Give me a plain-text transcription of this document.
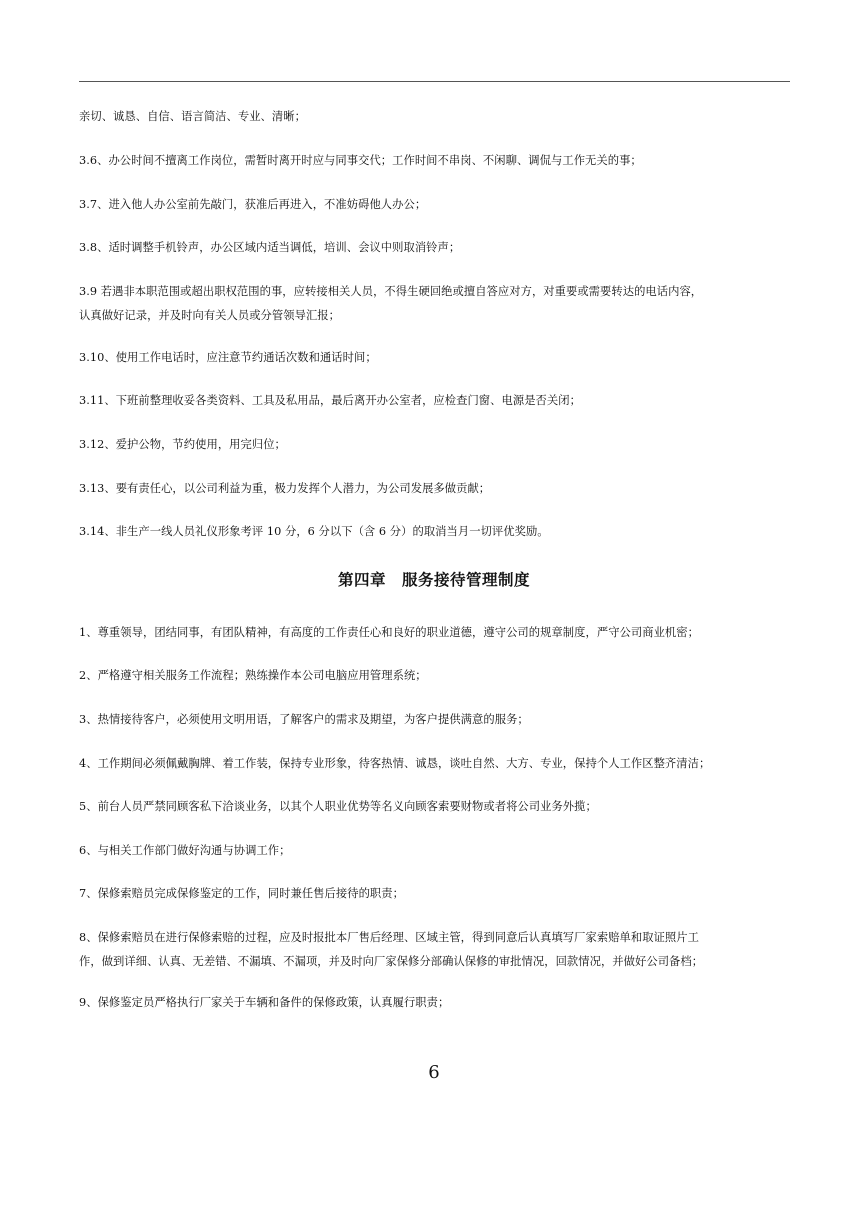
亲切、诚恳、自信、语言简洁、专业、清晰；
3.6、办公时间不擅离工作岗位，需暂时离开时应与同事交代；工作时间不串岗、不闲聊、调侃与工作无关的事；
3.7、进入他人办公室前先敲门，获准后再进入，不准妨碍他人办公；
3.8、适时调整手机铃声，办公区域内适当调低，培训、会议中则取消铃声；
3.9 若遇非本职范围或超出职权范围的事，应转接相关人员，不得生硬回绝或擅自答应对方，对重要或需要转达的电话内容，
认真做好记录，并及时向有关人员或分管领导汇报；
3.10、使用工作电话时，应注意节约通话次数和通话时间；
3.11、下班前整理收妥各类资料、工具及私用品，最后离开办公室者，应检查门窗、电源是否关闭；
3.12、爱护公物，节约使用，用完归位；
3.13、要有责任心，以公司利益为重，极力发挥个人潜力，为公司发展多做贡献；
3.14、非生产一线人员礼仪形象考评 10 分，6 分以下（含 6 分）的取消当月一切评优奖励。
第四章 服务接待管理制度
1、尊重领导，团结同事，有团队精神，有高度的工作责任心和良好的职业道德，遵守公司的规章制度，严守公司商业机密；
2、严格遵守相关服务工作流程；熟练操作本公司电脑应用管理系统；
3、热情接待客户，必须使用文明用语，了解客户的需求及期望，为客户提供满意的服务；
4、工作期间必须佩戴胸牌、着工作装，保持专业形象，待客热情、诚恳，谈吐自然、大方、专业，保持个人工作区整齐清洁；
5、前台人员严禁同顾客私下洽谈业务，以其个人职业优势等名义向顾客索要财物或者将公司业务外揽；
6、与相关工作部门做好沟通与协调工作；
7、保修索赔员完成保修鉴定的工作，同时兼任售后接待的职责；
8、保修索赔员在进行保修索赔的过程，应及时报批本厂售后经理、区域主管，得到同意后认真填写厂家索赔单和取证照片工
作，做到详细、认真、无差错、不漏填、不漏项，并及时向厂家保修分部确认保修的审批情况，回款情况，并做好公司备档；
9、保修鉴定员严格执行厂家关于车辆和备件的保修政策，认真履行职责；
6
